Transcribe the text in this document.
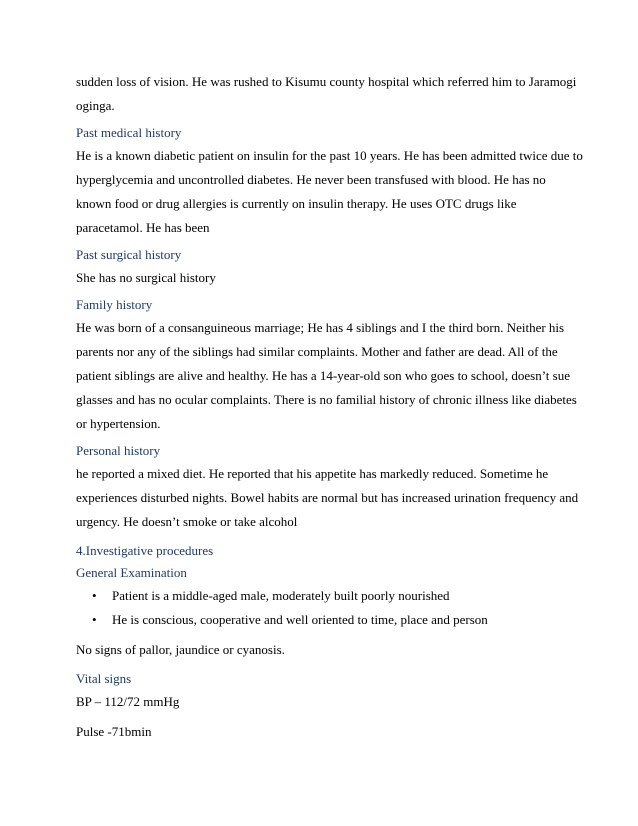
sudden loss of vision. He was rushed to Kisumu county hospital which referred him to Jaramogi
oginga.
Past medical history
He is a known diabetic patient on insulin for the past 10 years. He has been admitted twice due to
hyperglycemia and uncontrolled diabetes. He never been transfused with blood. He has no
known food or drug allergies is currently on insulin therapy. He uses OTC drugs like
paracetamol. He has been
Past surgical history
She has no surgical history
Family history
He was born of a consanguineous marriage; He has 4 siblings and I the third born. Neither his
parents nor any of the siblings had similar complaints. Mother and father are dead. All of the
patient siblings are alive and healthy. He has a 14-year-old son who goes to school, doesn’t sue
glasses and has no ocular complaints. There is no familial history of chronic illness like diabetes
or hypertension.
Personal history
he reported a mixed diet. He reported that his appetite has markedly reduced. Sometime he
experiences disturbed nights. Bowel habits are normal but has increased urination frequency and
urgency. He doesn’t smoke or take alcohol
4.Investigative procedures
General Examination
• Patient is a middle-aged male, moderately built poorly nourished
• He is conscious, cooperative and well oriented to time, place and person
No signs of pallor, jaundice or cyanosis.
Vital signs
BP – 112/72 mmHg
Pulse -71bmin
